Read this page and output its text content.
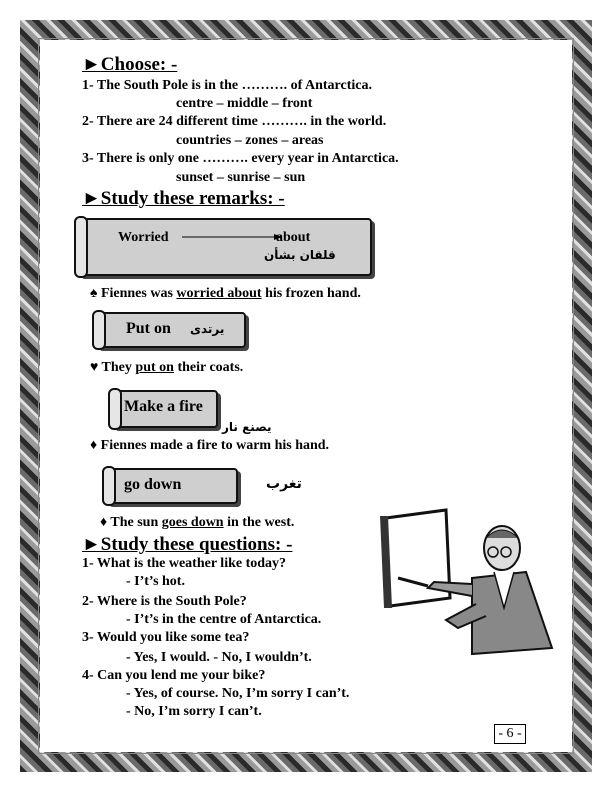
►Choose: -
1- The South Pole is in the ………. of Antarctica.
centre – middle – front
2- There are 24 different time ………. in the world.
countries – zones – areas
3- There is only one ………. every year in Antarctica.
sunset – sunrise – sun
►Study these remarks: -
Worried	about
قلقان بشأن
♠ Fiennes was worried about his frozen hand.
Put on يرتدى
♥ They put on their coats.
Make a fire
يصنع نار
♦ Fiennes made a fire to warm his hand.
go down	تغرب
♦ The sun goes down in the west.
►Study these questions: -
1- What is the weather like today?
- I’t’s hot.
2- Where is the South Pole?
- I’t’s in the centre of Antarctica.
3- Would you like some tea?
- Yes, I would. - No, I wouldn’t.
4- Can you lend me your bike?
- Yes, of course. No, I’m sorry I can’t.
- No, I’m sorry I can’t.
- 6 -
